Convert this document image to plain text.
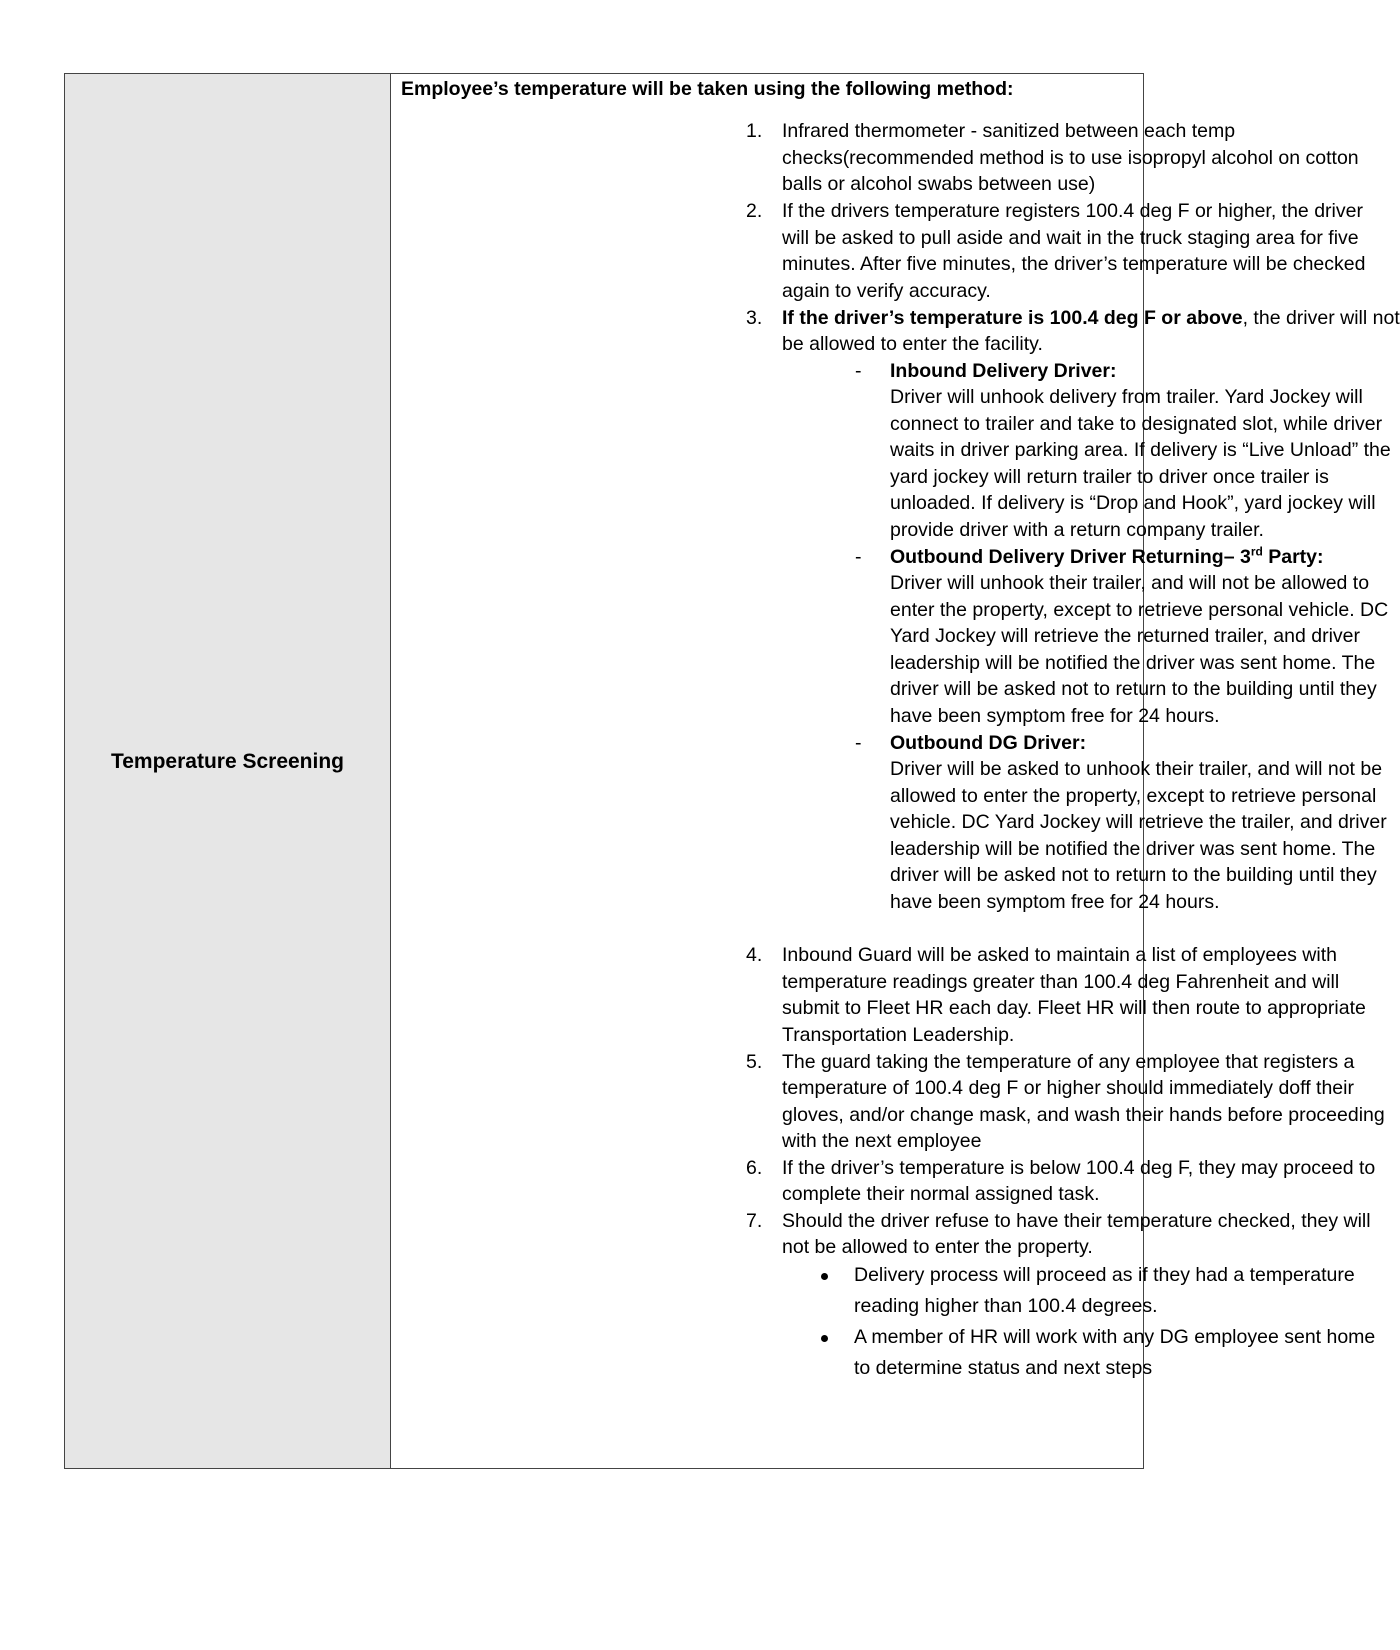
Temperature Screening
Employee’s temperature will be taken using the following method:
1. Infrared thermometer - sanitized between each temp
checks(recommended method is to use isopropyl alcohol on cotton
balls or alcohol swabs between use)
2. If the drivers temperature registers 100.4 deg F or higher, the driver
will be asked to pull aside and wait in the truck staging area for five
minutes. After five minutes, the driver’s temperature will be checked
again to verify accuracy.
3. If the driver’s temperature is 100.4 deg F or above, the driver will not
be allowed to enter the facility.
- Inbound Delivery Driver:
Driver will unhook delivery from trailer. Yard Jockey will
connect to trailer and take to designated slot, while driver
waits in driver parking area. If delivery is “Live Unload” the
yard jockey will return trailer to driver once trailer is
unloaded. If delivery is “Drop and Hook”, yard jockey will
provide driver with a return company trailer.
- Outbound Delivery Driver Returning– 3rd Party:
Driver will unhook their trailer, and will not be allowed to
enter the property, except to retrieve personal vehicle. DC
Yard Jockey will retrieve the returned trailer, and driver
leadership will be notified the driver was sent home. The
driver will be asked not to return to the building until they
have been symptom free for 24 hours.
- Outbound DG Driver:
Driver will be asked to unhook their trailer, and will not be
allowed to enter the property, except to retrieve personal
vehicle. DC Yard Jockey will retrieve the trailer, and driver
leadership will be notified the driver was sent home. The
driver will be asked not to return to the building until they
have been symptom free for 24 hours.
4. Inbound Guard will be asked to maintain a list of employees with
temperature readings greater than 100.4 deg Fahrenheit and will
submit to Fleet HR each day. Fleet HR will then route to appropriate
Transportation Leadership.
5. The guard taking the temperature of any employee that registers a
temperature of 100.4 deg F or higher should immediately doff their
gloves, and/or change mask, and wash their hands before proceeding
with the next employee
6. If the driver’s temperature is below 100.4 deg F, they may proceed to
complete their normal assigned task.
7. Should the driver refuse to have their temperature checked, they will
not be allowed to enter the property.
Delivery process will proceed as if they had a temperature
reading higher than 100.4 degrees.
A member of HR will work with any DG employee sent home
to determine status and next steps
